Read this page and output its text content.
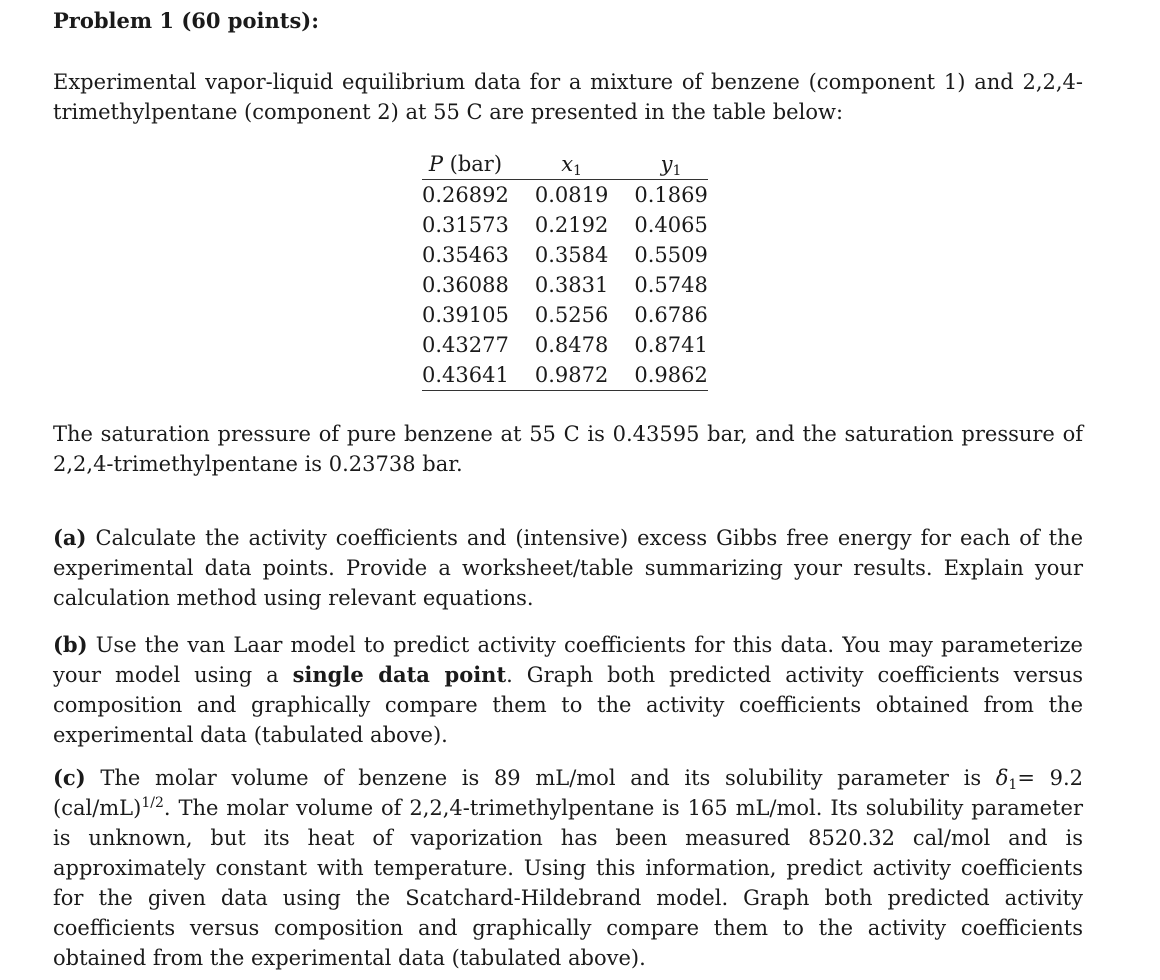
Problem 1 (60 points):

Experimental vapor-liquid equilibrium data for a mixture of benzene (component 1) and 2,2,4-trimethylpentane (component 2) at 55 C are presented in the table below:

P (bar)	$x_1$	$y_1$
0.26892	0.0819	0.1869
0.31573	0.2192	0.4065
0.35463	0.3584	0.5509
0.36088	0.3831	0.5748
0.39105	0.5256	0.6786
0.43277	0.8478	0.8741
0.43641	0.9872	0.9862

The saturation pressure of pure benzene at 55 C is 0.43595 bar, and the saturation pressure of 2,2,4-trimethylpentane is 0.23738 bar.

(a) Calculate the activity coefficients and (intensive) excess Gibbs free energy for each of the experimental data points. Provide a worksheet/table summarizing your results. Explain your calculation method using relevant equations.

(b) Use the van Laar model to predict activity coefficients for this data. You may parameterize your model using a single data point. Graph both predicted activity coefficients versus composition and graphically compare them to the activity coefficients obtained from the experimental data (tabulated above).

(c) The molar volume of benzene is 89 mL/mol and its solubility parameter is $\delta_1= 9.2$ $(cal/mL)^{1/2}$. The molar volume of 2,2,4-trimethylpentane is 165 mL/mol. Its solubility parameter is unknown, but its heat of vaporization has been measured 8520.32 cal/mol and is approximately constant with temperature. Using this information, predict activity coefficients for the given data using the Scatchard-Hildebrand model. Graph both predicted activity coefficients versus composition and graphically compare them to the activity coefficients obtained from the experimental data (tabulated above).
